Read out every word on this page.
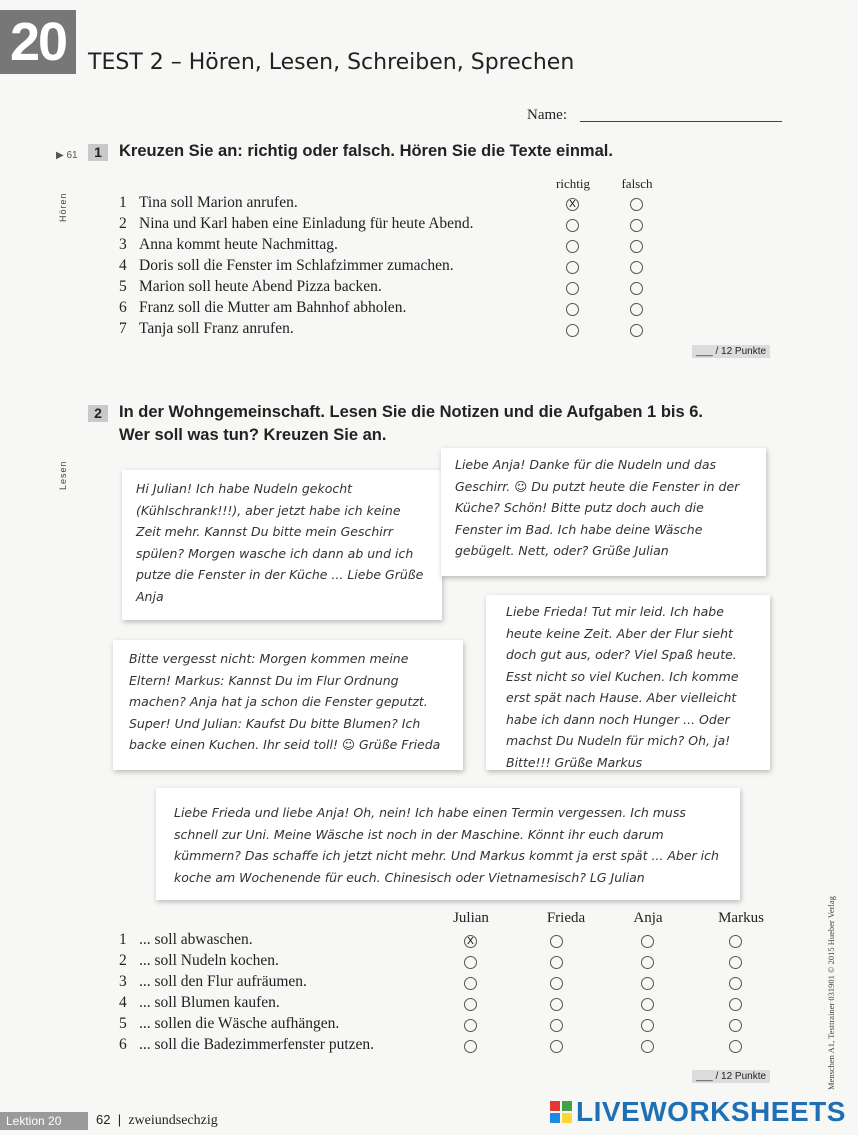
20 TEST 2 – Hören, Lesen, Schreiben, Sprechen
Name:
▶ 61	1	Kreuzen Sie an: richtig oder falsch. Hören Sie die Texte einmal.
Hören
richtig	falsch
1 Tina soll Marion anrufen.	X
2 Nina und Karl haben eine Einladung für heute Abend.
3 Anna kommt heute Nachmittag.
4 Doris soll die Fenster im Schlafzimmer zumachen.
5 Marion soll heute Abend Pizza backen.
6 Franz soll die Mutter am Bahnhof abholen.
7 Tanja soll Franz anrufen.
___ / 12 Punkte
2	In der Wohngemeinschaft. Lesen Sie die Notizen und die Aufgaben 1 bis 6.
Wer soll was tun? Kreuzen Sie an.
Lesen	Hi Julian! Ich habe Nudeln gekocht (Kühlschrank!!!), aber jetzt habe ich keine Zeit mehr. Kannst Du bitte mein Geschirr spülen? Morgen wasche ich dann ab und ich putze die Fenster in der Küche ... Liebe Grüße Anja
Liebe Anja! Danke für die Nudeln und das Geschirr. ☺ Du putzt heute die Fenster in der Küche? Schön! Bitte putz doch auch die Fenster im Bad. Ich habe deine Wäsche gebügelt. Nett, oder? Grüße Julian
Bitte vergesst nicht: Morgen kommen meine Eltern! Markus: Kannst Du im Flur Ordnung machen? Anja hat ja schon die Fenster geputzt. Super! Und Julian: Kaufst Du bitte Blumen? Ich backe einen Kuchen. Ihr seid toll! ☺ Grüße Frieda
Liebe Frieda! Tut mir leid. Ich habe heute keine Zeit. Aber der Flur sieht doch gut aus, oder? Viel Spaß heute. Esst nicht so viel Kuchen. Ich komme erst spät nach Hause. Aber vielleicht habe ich dann noch Hunger ... Oder machst Du Nudeln für mich? Oh, ja! Bitte!!! Grüße Markus
Liebe Frieda und liebe Anja! Oh, nein! Ich habe einen Termin vergessen. Ich muss schnell zur Uni. Meine Wäsche ist noch in der Maschine. Könnt ihr euch darum kümmern? Das schaffe ich jetzt nicht mehr. Und Markus kommt ja erst spät ... Aber ich koche am Wochenende für euch. Chinesisch oder Vietnamesisch? LG Julian
Julian	Frieda	Anja	Markus
1 ... soll abwaschen.	X
2 ... soll Nudeln kochen.
3 ... soll den Flur aufräumen.
4 ... soll Blumen kaufen.
5 ... sollen die Wäsche aufhängen.
6 ... soll die Badezimmerfenster putzen.
___ / 12 Punkte
Lektion 20	62  |  zweiundsechzig
Menschen A1, Testtrainer 031901 © 2015 Hueber Verlag
LIVEWORKSHEETS
